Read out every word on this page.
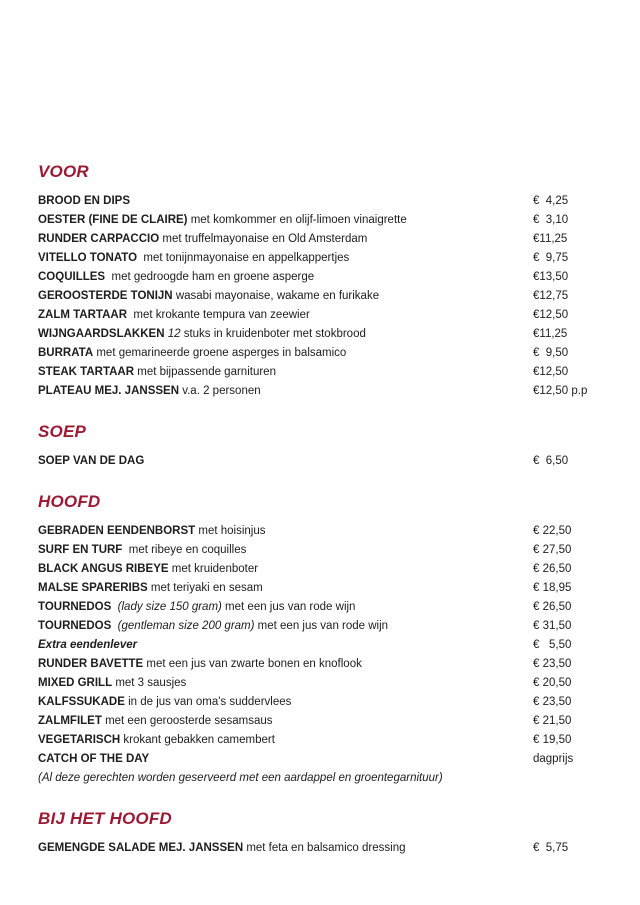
VOOR
BROOD EN DIPS	€  4,25
OESTER (FINE DE CLAIRE) met komkommer en olijf-limoen vinaigrette	€  3,10
RUNDER CARPACCIO met truffelmayonaise en Old Amsterdam	€11,25
VITELLO TONATO  met tonijnmayonaise en appelkappertjes	€  9,75
COQUILLES  met gedroogde ham en groene asperge	€13,50
GEROOSTERDE TONIJN wasabi mayonaise, wakame en furikake	€12,75
ZALM TARTAAR  met krokante tempura van zeewier	€12,50
WIJNGAARDSLAKKEN 12 stuks in kruidenboter met stokbrood	€11,25
BURRATA met gemarineerde groene asperges in balsamico	€  9,50
STEAK TARTAAR met bijpassende garnituren	€12,50
PLATEAU MEJ. JANSSEN v.a. 2 personen	€12,50 p.p
SOEP
SOEP VAN DE DAG	€  6,50
HOOFD
GEBRADEN EENDENBORST met hoisinjus	€ 22,50
SURF EN TURF  met ribeye en coquilles	€ 27,50
BLACK ANGUS RIBEYE met kruidenboter	€ 26,50
MALSE SPARERIBS met teriyaki en sesam	€ 18,95
TOURNEDOS  (lady size 150 gram) met een jus van rode wijn	€ 26,50
TOURNEDOS  (gentleman size 200 gram) met een jus van rode wijn	€ 31,50
Extra eendenlever	€   5,50
RUNDER BAVETTE met een jus van zwarte bonen en knoflook	€ 23,50
MIXED GRILL met 3 sausjes	€ 20,50
KALFSSUKADE in de jus van oma's suddervlees	€ 23,50
ZALMFILET met een geroosterde sesamsaus	€ 21,50
VEGETARISCH krokant gebakken camembert	€ 19,50
CATCH OF THE DAY	dagprijs
(Al deze gerechten worden geserveerd met een aardappel en groentegarnituur)
BIJ HET HOOFD
GEMENGDE SALADE MEJ. JANSSEN met feta en balsamico dressing	€  5,75
